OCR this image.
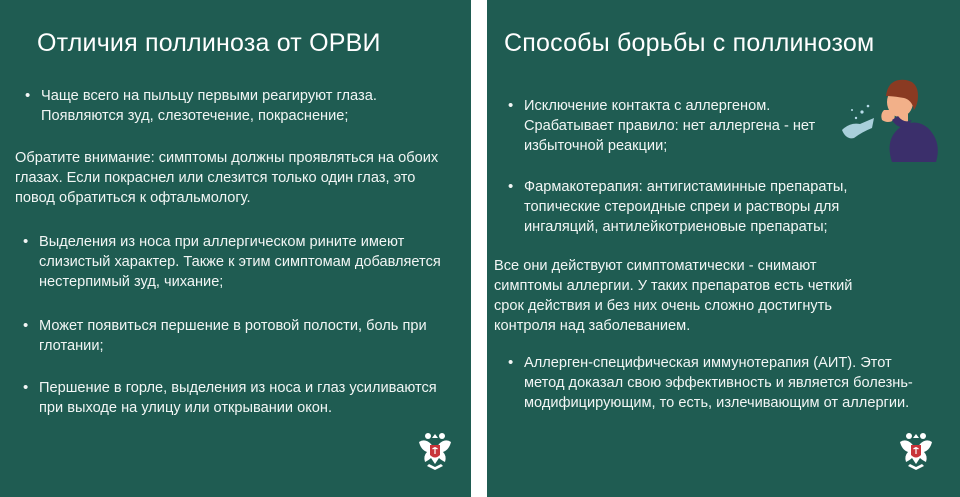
Отличия поллиноза от ОРВИ
• Чаще всего на пыльцу первыми реагируют глаза. Появляются зуд, слезотечение, покраснение;
Обратите внимание: симптомы должны проявляться на обоих глазах. Если покраснел или слезится только один глаз, это повод обратиться к офтальмологу.
• Выделения из носа при аллергическом рините имеют слизистый характер. Также к этим симптомам добавляется нестерпимый зуд, чихание;
• Может появиться першение в ротовой полости, боль при глотании;
• Першение в горле, выделения из носа и глаз усиливаются при выходе на улицу или открывании окон.
Способы борьбы с поллинозом
• Исключение контакта с аллергеном. Срабатывает правило: нет аллергена - нет избыточной реакции;
• Фармакотерапия: антигистаминные препараты, топические стероидные спреи и растворы для ингаляций, антилейкотриеновые препараты;
Все они действуют симптоматически - снимают симптомы аллергии. У таких препаратов есть четкий срок действия и без них очень сложно достигнуть контроля над заболеванием.
• Аллерген-специфическая иммунотерапия (АИТ). Этот метод доказал свою эффективность и является болезнь-модифицирующим, то есть, излечивающим от аллергии.
